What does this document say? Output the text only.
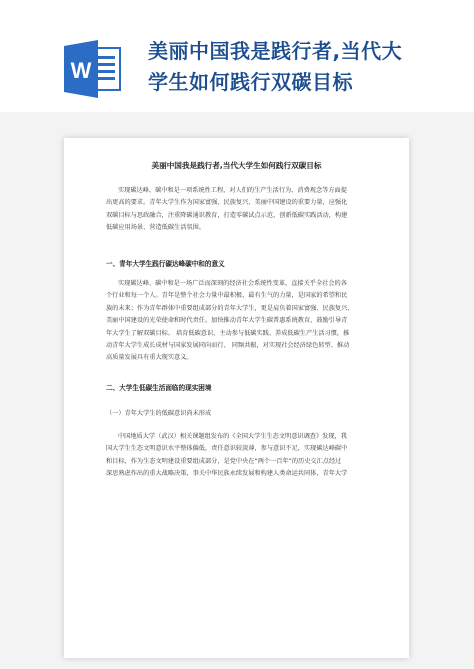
W
美丽中国我是践行者,当代大
学生如何践行双碳目标
美丽中国我是践行者,当代大学生如何践行双碳目标
实现碳达峰、碳中和是一项系统性工程，对人们的生产生活行为、消费观念等方面提
出更高的要求。青年大学生作为国家富强、民族复兴、美丽中国建设的重要力量，应强化
双碳目标与思政融合，注重降碳通识教育，打造零碳试点示范、创新低碳实践活动，构建
低碳应用场景，营造低碳生活氛围。
一、青年大学生践行碳达峰碳中和的意义
实现碳达峰、碳中和是一场广泛而深刻的经济社会系统性变革，直接关乎全社会的各
个行业和每一个人。青年是整个社会力量中最积极、最有生气的力量，是国家的希望和民
族的未来；作为青年群体中重要组成部分的青年大学生，更是肩负着国家富强、民族复兴、
美丽中国建设的光荣使命和时代责任。加快推动青年大学生碳普惠系统教育，鼓励引导青
年大学生了解双碳目标、 培育低碳意识、主动参与低碳实践、养成低碳生产生活习惯，推
动青年大学生成长成材与国家发展同向而行、 同频共振，对实现社会经济绿色转型、推动
高质量发展具有重大现实意义。
二、大学生低碳生活面临的现实困境
（一）青年大学生的低碳意识尚未形成
中国地质大学（武汉）相关课题组发布的《全国大学生生态文明意识调查》发现，我
国大学生生态文明意识水平整体偏低，责任意识较淡薄，参与意识不足，实现碳达峰碳中
和目标，作为生态文明建设重要组成部分，是党中央在“两个一百年”的历史交汇点经过
深思熟虑作出的重大战略决策，事关中华民族永续发展和构建人类命运共同体，青年大学
